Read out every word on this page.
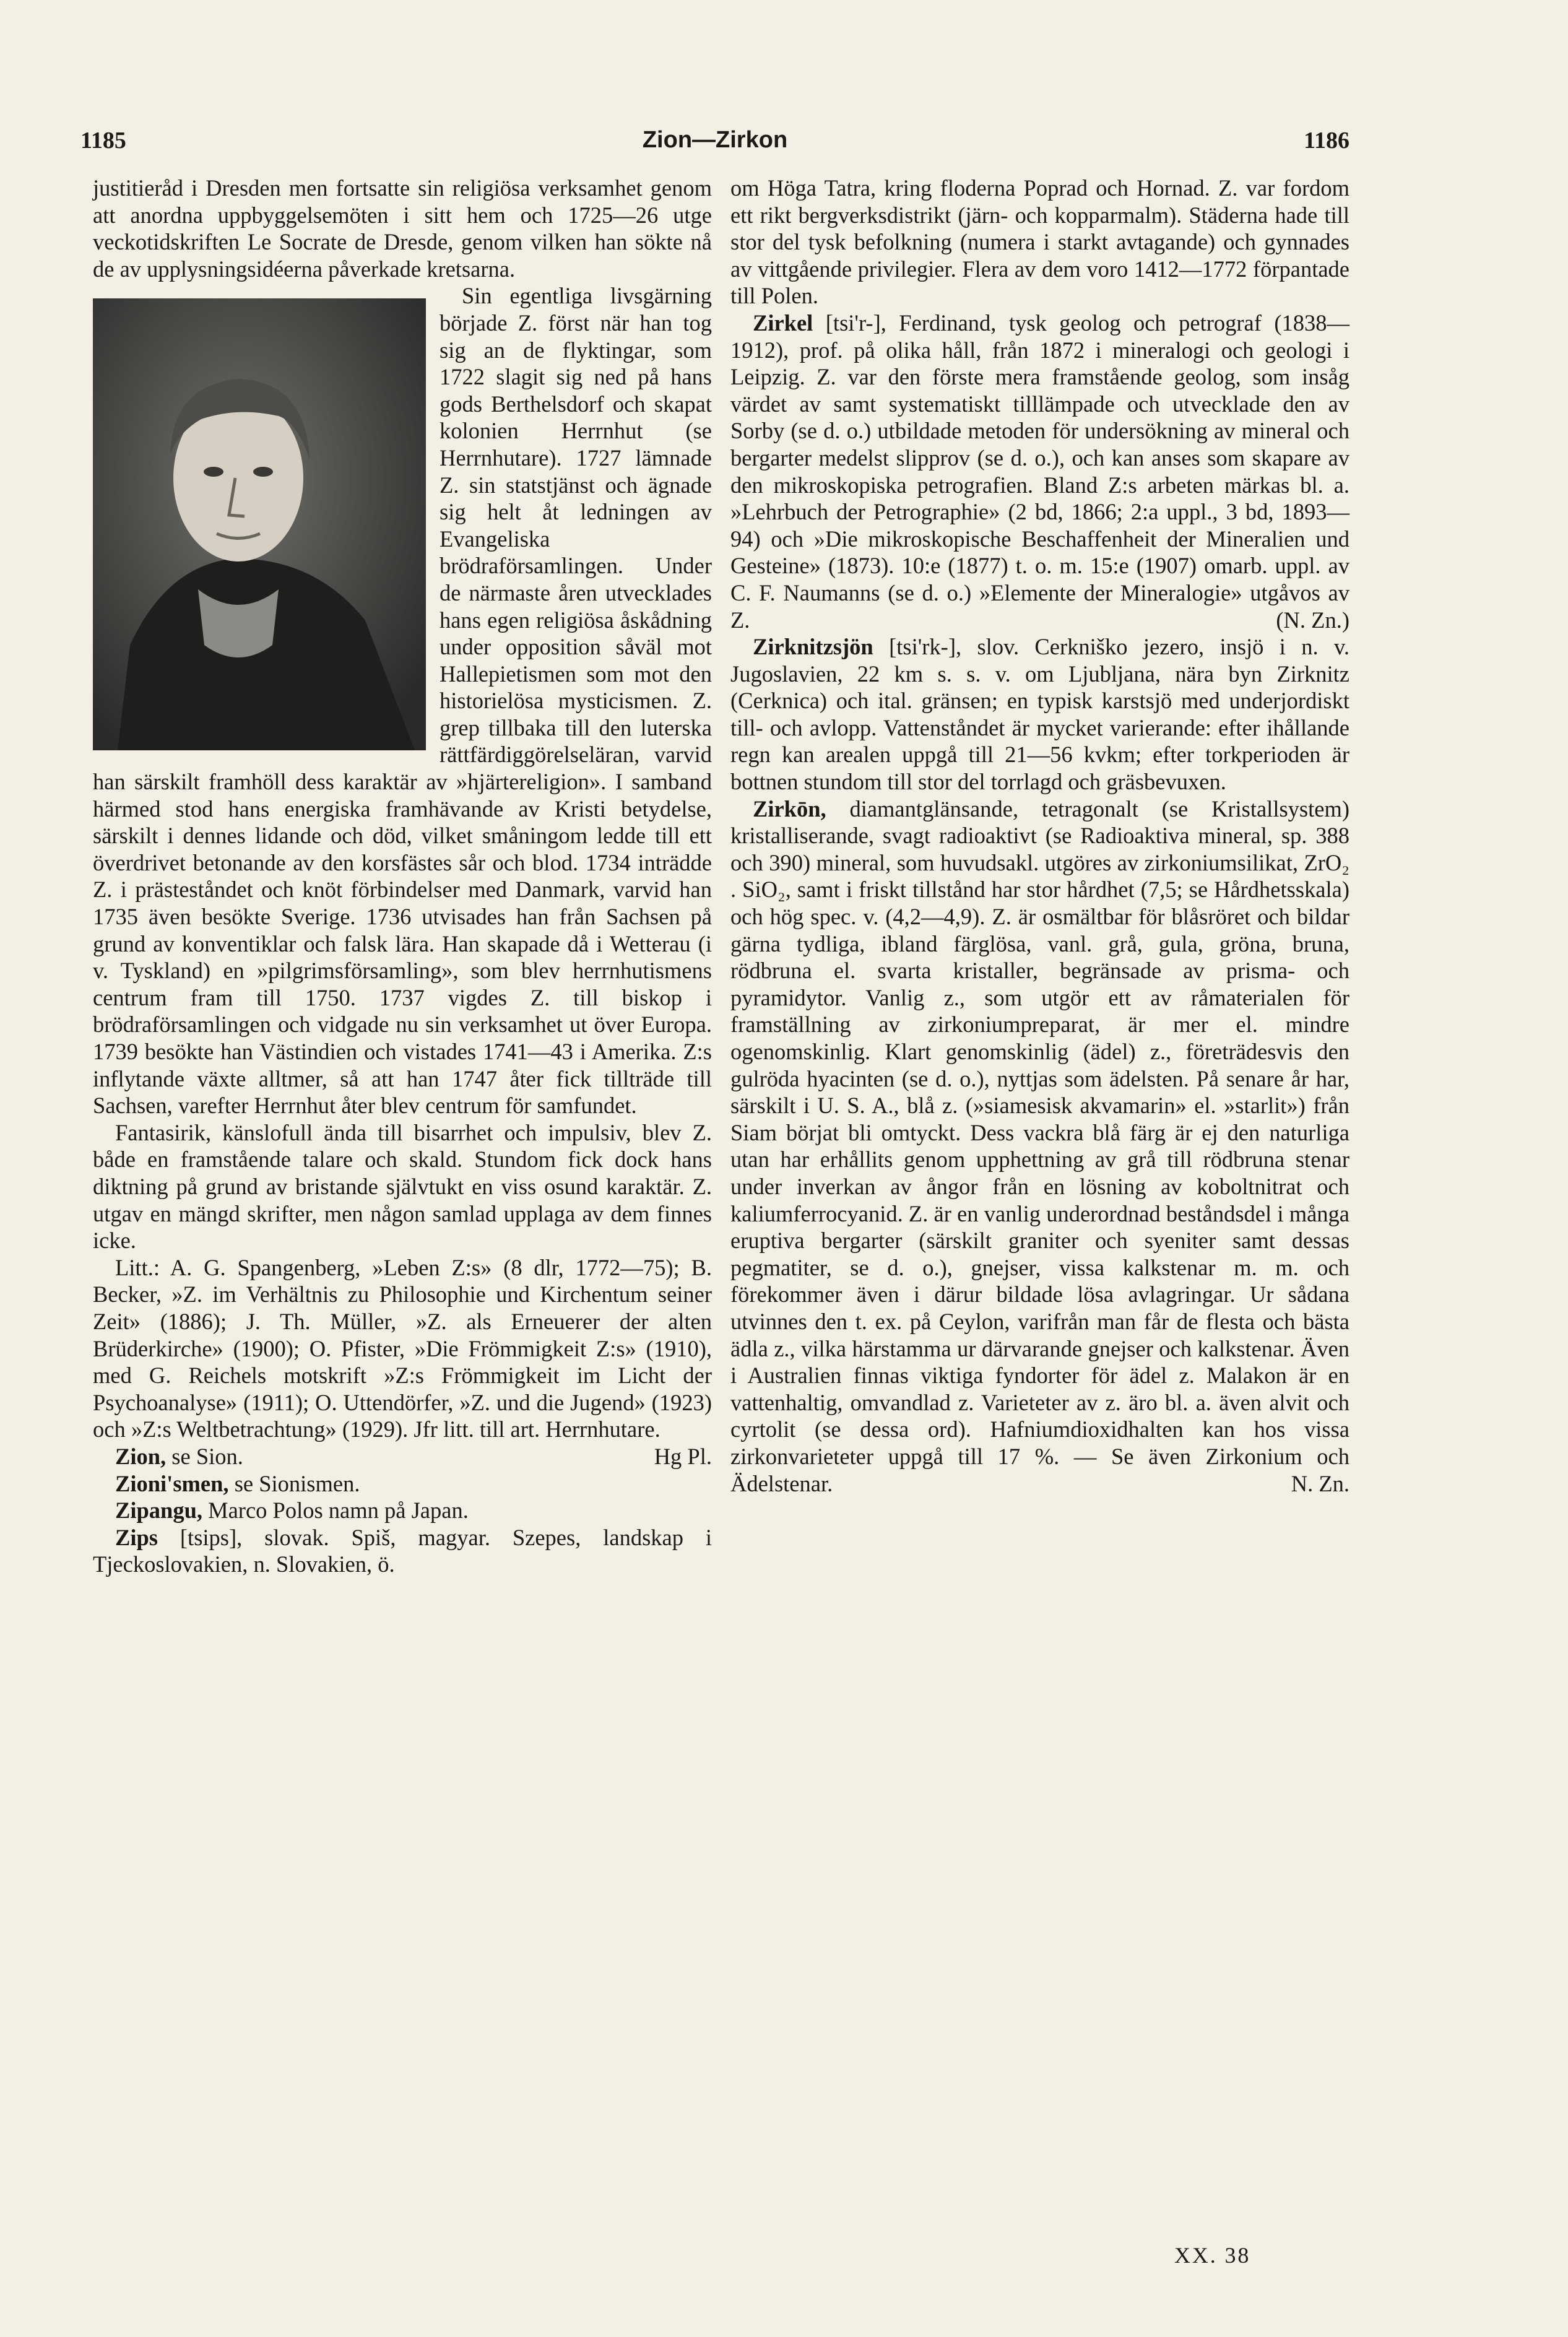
1185	Zion—Zirkon	1186

justitieråd i Dresden men fortsatte sin religiösa verksamhet genom att anordna uppbyggelsemöten i sitt hem och 1725—26 utge veckotidskriften Le Socrate de Dresde, genom vilken han sökte nå de av upplysningsidéerna påverkade kretsarna.

Sin egentliga livsgärning började Z. först när han tog sig an de flyktingar, som 1722 slagit sig ned på hans gods Berthelsdorf och skapat kolonien Herrnhut (se Herrnhutare). 1727 lämnade Z. sin statstjänst och ägnade sig helt åt ledningen av Evangeliska brödraförsamlingen. Under de närmaste åren utvecklades hans egen religiösa åskådning under opposition såväl mot Hallepietismen som mot den historielösa mysticismen. Z. grep tillbaka till den luterska rättfärdiggörelseläran, varvid han särskilt framhöll dess karaktär av »hjärtereligion». I samband härmed stod hans energiska framhävande av Kristi betydelse, särskilt i dennes lidande och död, vilket småningom ledde till ett överdrivet betonande av den korsfästes sår och blod. 1734 inträdde Z. i prästeståndet och knöt förbindelser med Danmark, varvid han 1735 även besökte Sverige. 1736 utvisades han från Sachsen på grund av konventiklar och falsk lära. Han skapade då i Wetterau (i v. Tyskland) en »pilgrimsförsamling», som blev herrnhutismens centrum fram till 1750. 1737 vigdes Z. till biskop i brödraförsamlingen och vidgade nu sin verksamhet ut över Europa. 1739 besökte han Västindien och vistades 1741—43 i Amerika. Z:s inflytande växte alltmer, så att han 1747 åter fick tillträde till Sachsen, varefter Herrnhut åter blev centrum för samfundet.

Fantasirik, känslofull ända till bisarrhet och impulsiv, blev Z. både en framstående talare och skald. Stundom fick dock hans diktning på grund av bristande självtukt en viss osund karaktär. Z. utgav en mängd skrifter, men någon samlad upplaga av dem finnes icke.

Litt.: A. G. Spangenberg, »Leben Z:s» (8 dlr, 1772—75); B. Becker, »Z. im Verhältnis zu Philosophie und Kirchentum seiner Zeit» (1886); J. Th. Müller, »Z. als Erneuerer der alten Brüderkirche» (1900); O. Pfister, »Die Frömmigkeit Z:s» (1910), med G. Reichels motskrift »Z:s Frömmigkeit im Licht der Psychoanalyse» (1911); O. Uttendörfer, »Z. und die Jugend» (1923) och »Z:s Weltbetrachtung» (1929). Jfr litt. till art. Herrnhutare.
Hg Pl.

Zion, se Sion.

Zioni'smen, se Sionismen.

Zipangu, Marco Polos namn på Japan.

Zips [tsips], slovak. Spiš, magyar. Szepes, landskap i Tjeckoslovakien, n. Slovakien, ö.

om Höga Tatra, kring floderna Poprad och Hornad. Z. var fordom ett rikt bergverksdistrikt (järn- och kopparmalm). Städerna hade till stor del tysk befolkning (numera i starkt avtagande) och gynnades av vittgående privilegier. Flera av dem voro 1412—1772 förpantade till Polen.

Zirkel [tsi'r-], Ferdinand, tysk geolog och petrograf (1838—1912), prof. på olika håll, från 1872 i mineralogi och geologi i Leipzig. Z. var den förste mera framstående geolog, som insåg värdet av samt systematiskt tilllämpade och utvecklade den av Sorby (se d. o.) utbildade metoden för undersökning av mineral och bergarter medelst slipprov (se d. o.), och kan anses som skapare av den mikroskopiska petrografien. Bland Z:s arbeten märkas bl. a. »Lehrbuch der Petrographie» (2 bd, 1866; 2:a uppl., 3 bd, 1893—94) och »Die mikroskopische Beschaffenheit der Mineralien und Gesteine» (1873). 10:e (1877) t. o. m. 15:e (1907) omarb. uppl. av C. F. Naumanns (se d. o.) »Elemente der Mineralogie» utgåvos av Z.	(N. Zn.)

Zirknitzsjön [tsi'rk-], slov. Cerkniško jezero, insjö i n. v. Jugoslavien, 22 km s. s. v. om Ljubljana, nära byn Zirknitz (Cerknica) och ital. gränsen; en typisk karstsjö med underjordiskt till- och avlopp. Vattenståndet är mycket varierande: efter ihållande regn kan arealen uppgå till 21—56 kvkm; efter torkperioden är bottnen stundom till stor del torrlagd och gräsbevuxen.

Zirkōn, diamantglänsande, tetragonalt (se Kristallsystem) kristalliserande, svagt radioaktivt (se Radioaktiva mineral, sp. 388 och 390) mineral, som huvudsakl. utgöres av zirkoniumsilikat, ZrO₂ . SiO₂, samt i friskt tillstånd har stor hårdhet (7,5; se Hårdhetsskala) och hög spec. v. (4,2—4,9). Z. är osmältbar för blåsröret och bildar gärna tydliga, ibland färglösa, vanl. grå, gula, gröna, bruna, rödbruna el. svarta kristaller, begränsade av prisma- och pyramidytor. Vanlig z., som utgör ett av råmaterialen för framställning av zirkoniumpreparat, är mer el. mindre ogenomskinlig. Klart genomskinlig (ädel) z., företrädesvis den gulröda hyacinten (se d. o.), nyttjas som ädelsten. På senare år har, särskilt i U. S. A., blå z. (»siamesisk akvamarin» el. »starlit») från Siam börjat bli omtyckt. Dess vackra blå färg är ej den naturliga utan har erhållits genom upphettning av grå till rödbruna stenar under inverkan av ångor från en lösning av koboltnitrat och kaliumferrocyanid. Z. är en vanlig underordnad beståndsdel i många eruptiva bergarter (särskilt graniter och syeniter samt dessas pegmatiter, se d. o.), gnejser, vissa kalkstenar m. m. och förekommer även i därur bildade lösa avlagringar. Ur sådana utvinnes den t. ex. på Ceylon, varifrån man får de flesta och bästa ädla z., vilka härstamma ur därvarande gnejser och kalkstenar. Även i Australien finnas viktiga fyndorter för ädel z. Malakon är en vattenhaltig, omvandlad z. Varieteter av z. äro bl. a. även alvit och cyrtolit (se dessa ord). Hafniumdioxidhalten kan hos vissa zirkonvarieteter uppgå till 17 %. — Se även Zirkonium och Ädelstenar.	N. Zn.

XX. 38
